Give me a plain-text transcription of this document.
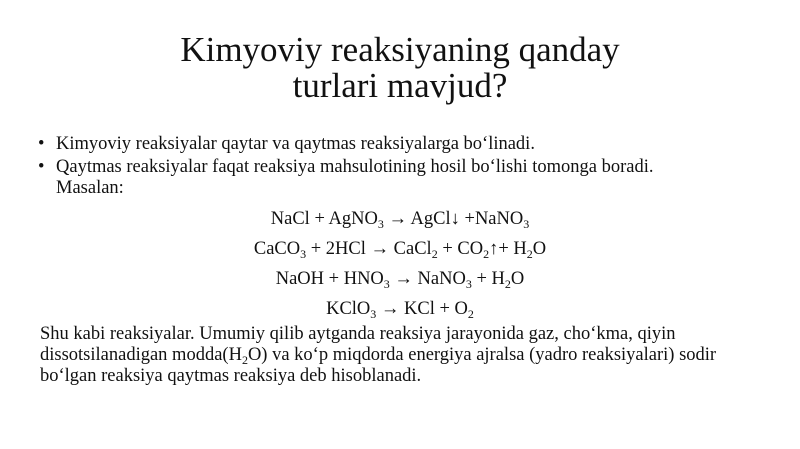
Kimyoviy reaksiyaning qanday
turlari mavjud?
• Kimyoviy reaksiyalar qaytar va qaytmas reaksiyalarga bo‘linadi.
• Qaytmas reaksiyalar faqat reaksiya mahsulotining hosil bo‘lishi tomonga boradi.
Masalan:
NaCl + AgNO$_3$ → AgCl↓ +NaNO$_3$
CaCO$_3$ + 2HCl → CaCl$_2$ + $CO_2↑+ H_2O$
NaOH + $HNO_3$ → NaNO$_3$ + $H_2O$
KClO$_3$ → KCl + $O_2$
Shu kabi reaksiyalar. Umumiy qilib aytganda reaksiya jarayonida gaz, cho‘kma, qiyin dissotsilanadigan $modda(H_2O)$ va ko‘p miqdorda energiya ajralsa (yadro reaksiyalari) sodir bo‘lgan reaksiya qaytmas reaksiya deb hisoblanadi.
